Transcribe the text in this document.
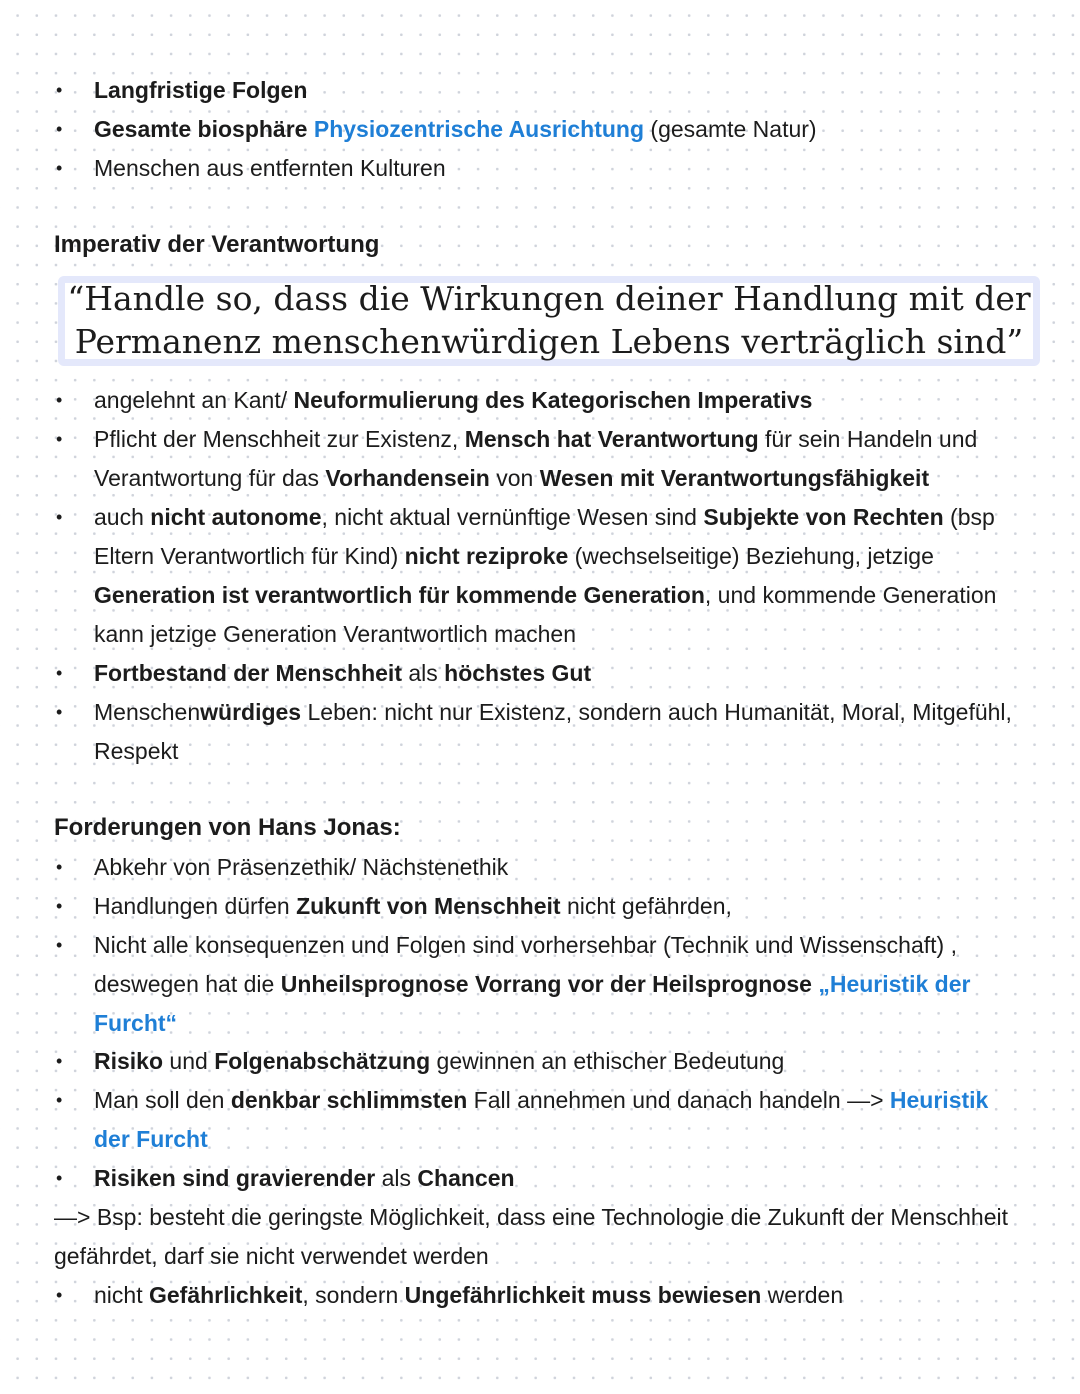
• Langfristige Folgen
• Gesamte biosphäre Physiozentrische Ausrichtung (gesamte Natur)
• Menschen aus entfernten Kulturen
Imperativ der Verantwortung
“Handle so, dass die Wirkungen deiner Handlung mit der
Permanenz menschenwürdigen Lebens verträglich sind”
• angelehnt an Kant/ Neuformulierung des Kategorischen Imperativs
• Pflicht der Menschheit zur Existenz, Mensch hat Verantwortung für sein Handeln und
Verantwortung für das Vorhandensein von Wesen mit Verantwortungsfähigkeit
• auch nicht autonome, nicht aktual vernünftige Wesen sind Subjekte von Rechten (bsp
Eltern Verantwortlich für Kind) nicht reziproke (wechselseitige) Beziehung, jetzige
Generation ist verantwortlich für kommende Generation, und kommende Generation
kann jetzige Generation Verantwortlich machen
• Fortbestand der Menschheit als höchstes Gut
• Menschenwürdiges Leben: nicht nur Existenz, sondern auch Humanität, Moral, Mitgefühl,
Respekt
Forderungen von Hans Jonas:
• Abkehr von Präsenzethik/ Nächstenethik
• Handlungen dürfen Zukunft von Menschheit nicht gefährden,
• Nicht alle konsequenzen und Folgen sind vorhersehbar (Technik und Wissenschaft) ,
deswegen hat die Unheilsprognose Vorrang vor der Heilsprognose „Heuristik der
Furcht“
• Risiko und Folgenabschätzung gewinnen an ethischer Bedeutung
• Man soll den denkbar schlimmsten Fall annehmen und danach handeln —> Heuristik
der Furcht
• Risiken sind gravierender als Chancen
—> Bsp: besteht die geringste Möglichkeit, dass eine Technologie die Zukunft der Menschheit
gefährdet, darf sie nicht verwendet werden
• nicht Gefährlichkeit, sondern Ungefährlichkeit muss bewiesen werden
